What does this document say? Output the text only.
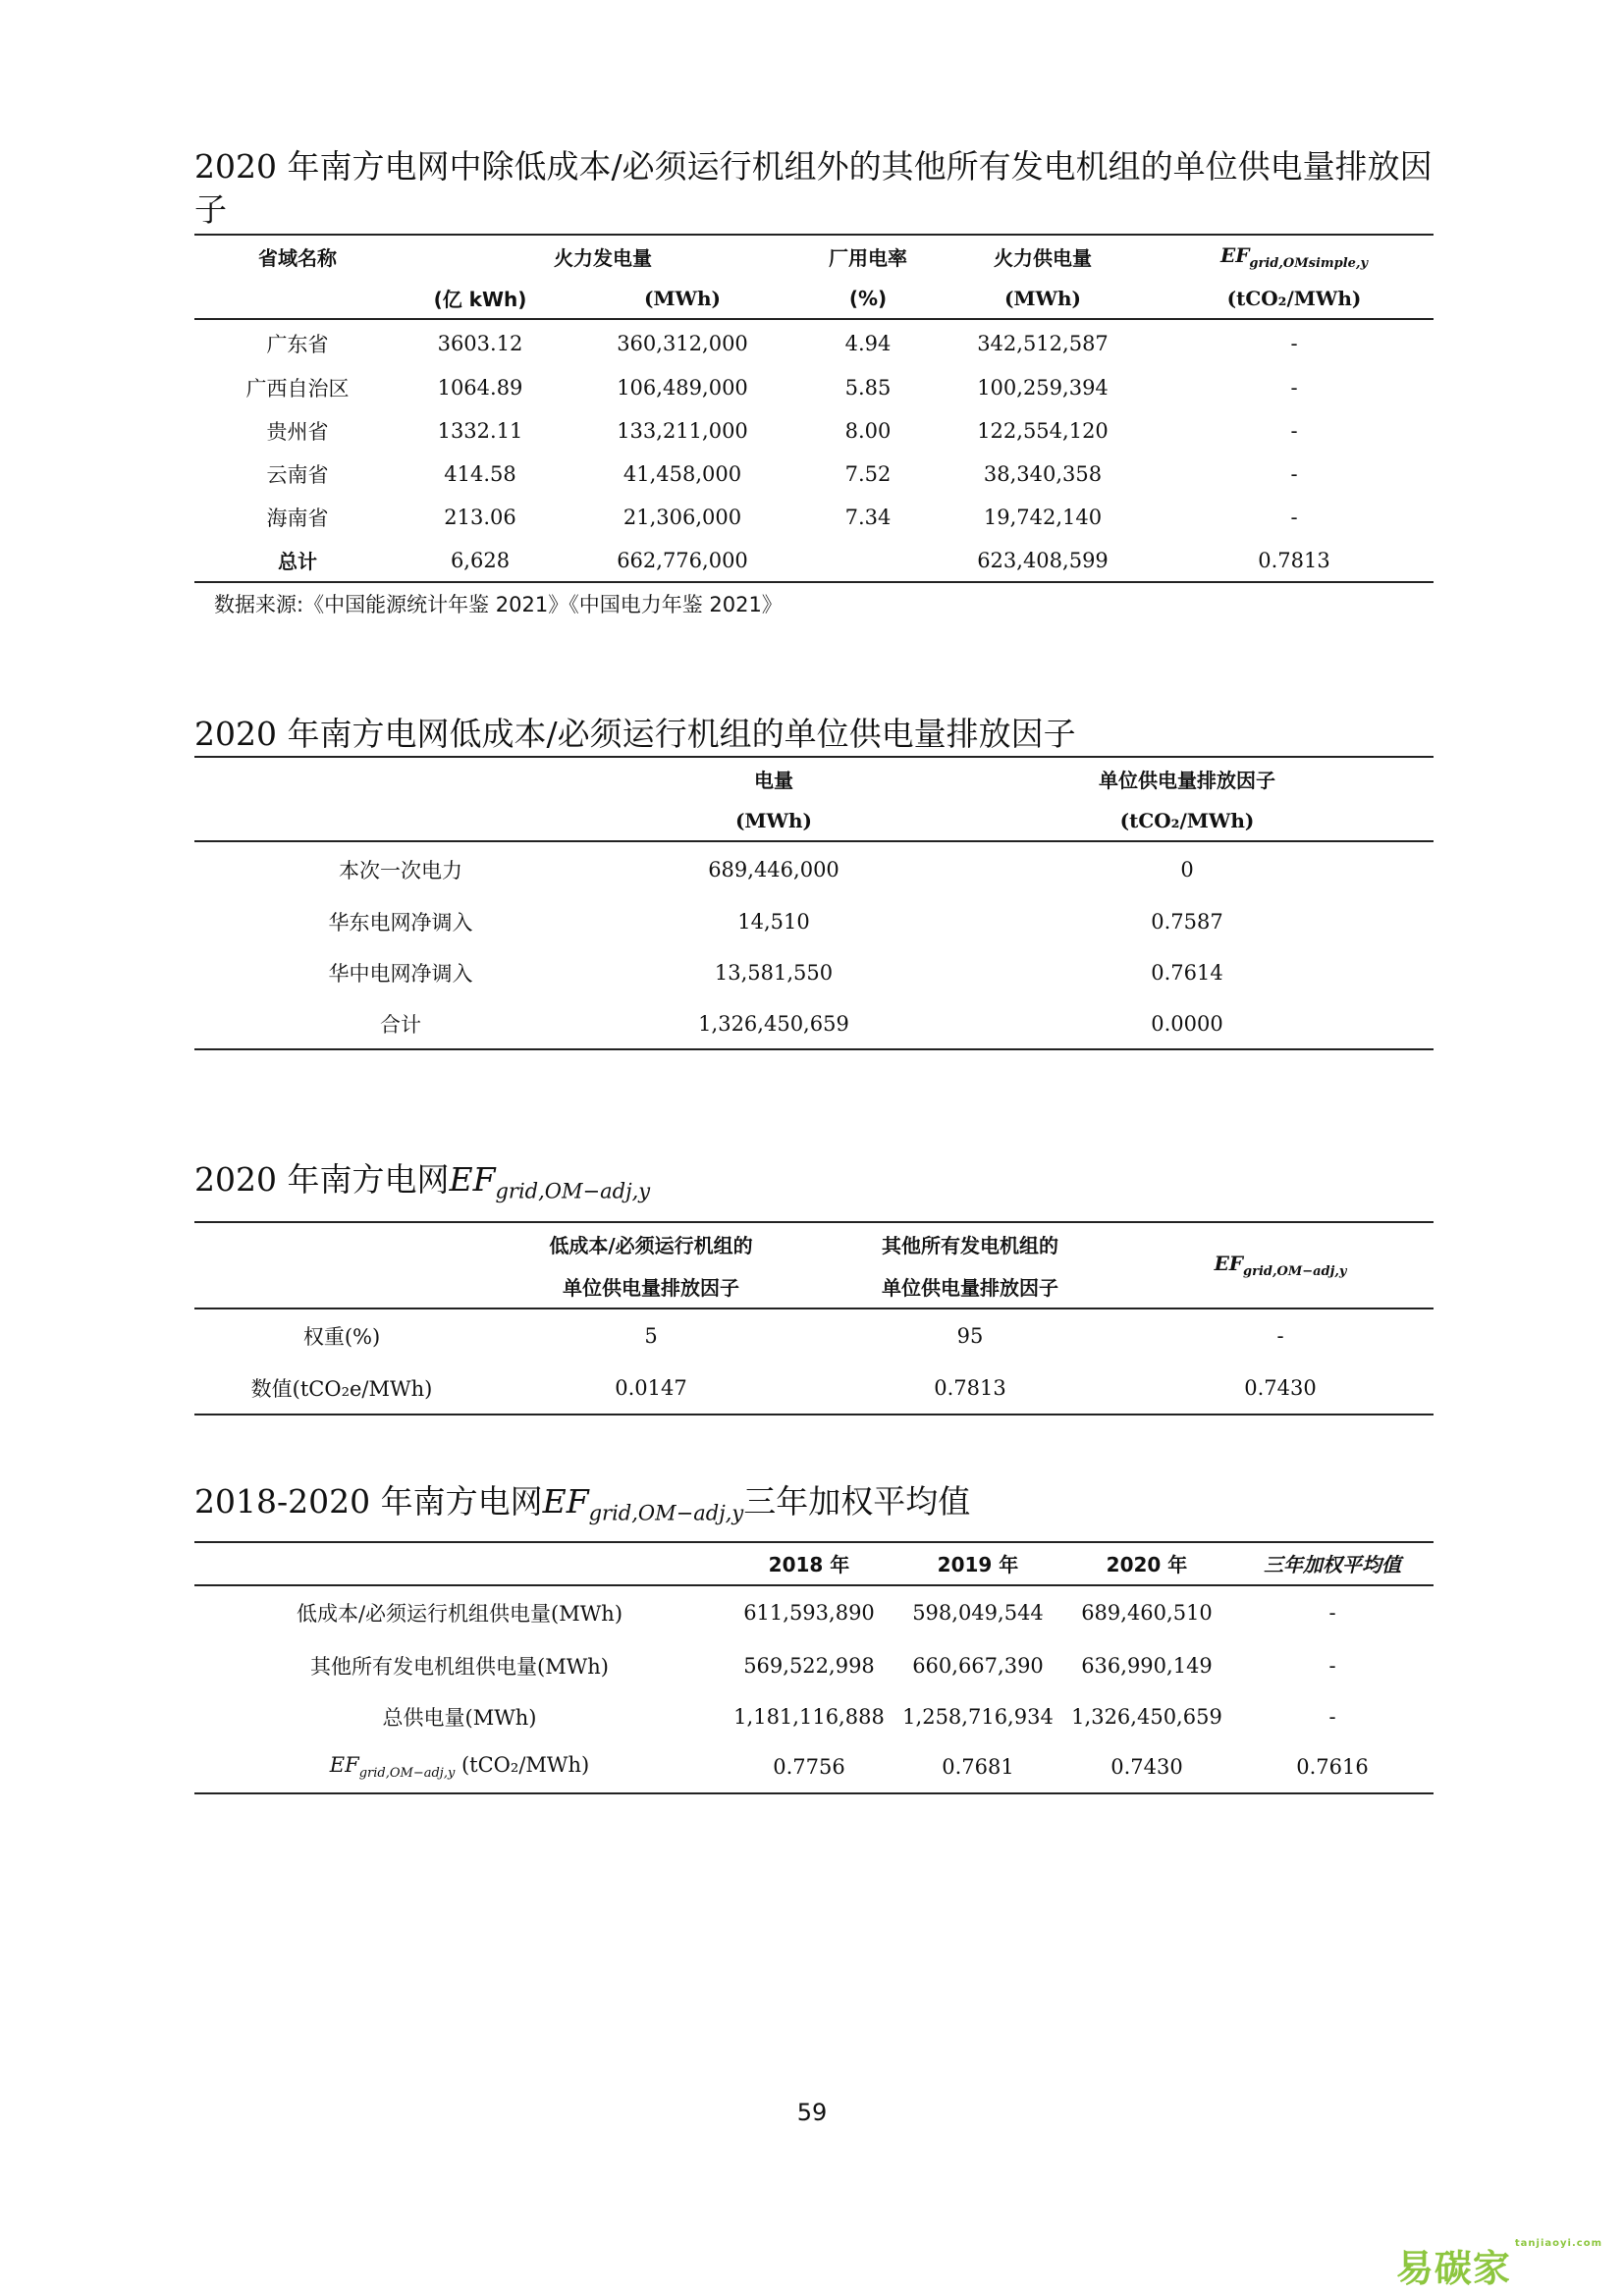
2020 年南方电网中除低成本/必须运行机组外的其他所有发电机组的单位供电量排放因子
省域名称	火力发电量		厂用电率	火力供电量	$EF_{grid,OMsimple,y}$
	(亿 kWh)	(MWh)	(%)	(MWh)	(tCO₂/MWh)
广东省	3603.12	360,312,000	4.94	342,512,587	-
广西自治区	1064.89	106,489,000	5.85	100,259,394	-
贵州省	1332.11	133,211,000	8.00	122,554,120	-
云南省	414.58	41,458,000	7.52	38,340,358	-
海南省	213.06	21,306,000	7.34	19,742,140	-
总计	6,628	662,776,000		623,408,599	0.7813
数据来源:《中国能源统计年鉴 2021》《中国电力年鉴 2021》
2020 年南方电网低成本/必须运行机组的单位供电量排放因子
	电量	单位供电量排放因子
	(MWh)	(tCO₂/MWh)
本次一次电力	689,446,000	0
华东电网净调入	14,510	0.7587
华中电网净调入	13,581,550	0.7614
合计	1,326,450,659	0.0000
2020 年南方电网$EF_{grid,OM-adj,y}$
	低成本/必须运行机组的	其他所有发电机组的	$EF_{grid,OM-adj,y}$
	单位供电量排放因子	单位供电量排放因子	
权重(%)	5	95	-
数值(tCO₂e/MWh)	0.0147	0.7813	0.7430
2018-2020 年南方电网$EF_{grid,OM-adj,y}$三年加权平均值
	2018 年	2019 年	2020 年	三年加权平均值
低成本/必须运行机组供电量(MWh)	611,593,890	598,049,544	689,460,510	-
其他所有发电机组供电量(MWh)	569,522,998	660,667,390	636,990,149	-
总供电量(MWh)	1,181,116,888	1,258,716,934	1,326,450,659	-
$EF_{grid,OM-adj,y}$ (tCO₂/MWh)	0.7756	0.7681	0.7430	0.7616
59
易碳家$^{tanjiaoyi.com}$
